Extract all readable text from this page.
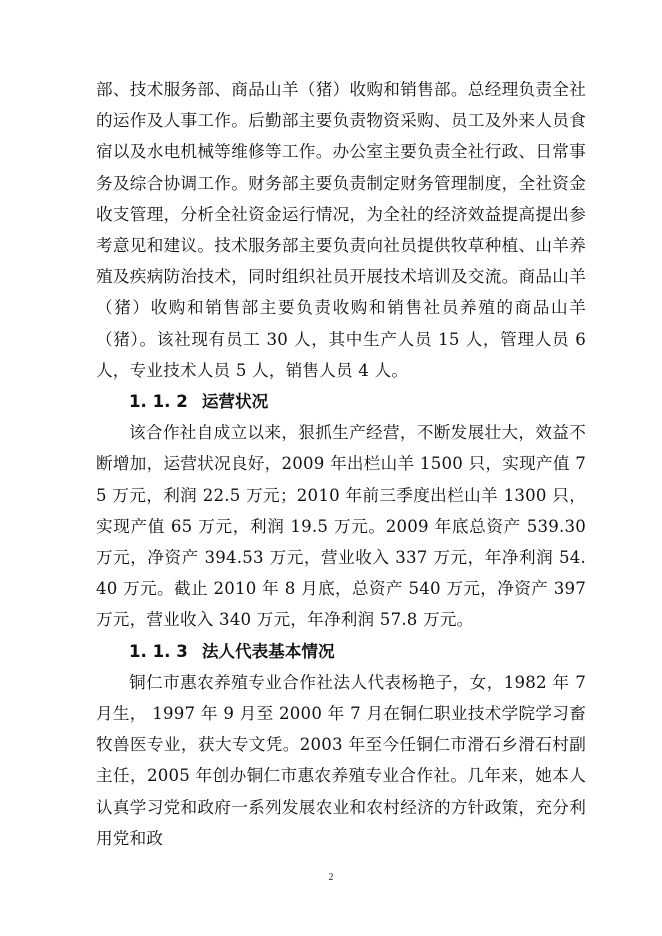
部、技术服务部、商品山羊（猪）收购和销售部。总经理负责全社的运作及人事工作。后勤部主要负责物资采购、员工及外来人员食宿以及水电机械等维修等工作。办公室主要负责全社行政、日常事务及综合协调工作。财务部主要负责制定财务管理制度，全社资金收支管理，分析全社资金运行情况，为全社的经济效益提高提出参考意见和建议。技术服务部主要负责向社员提供牧草种植、山羊养殖及疾病防治技术，同时组织社员开展技术培训及交流。商品山羊（猪）收购和销售部主要负责收购和销售社员养殖的商品山羊（猪）。该社现有员工 30 人，其中生产人员 15 人，管理人员 6 人，专业技术人员 5 人，销售人员 4 人。

1. 1. 2 运营状况

该合作社自成立以来，狠抓生产经营，不断发展壮大，效益不断增加，运营状况良好，2009 年出栏山羊 1500 只，实现产值 75 万元，利润 22.5 万元；2010 年前三季度出栏山羊 1300 只，实现产值 65 万元，利润 19.5 万元。2009 年底总资产 539.30 万元，净资产 394.53 万元，营业收入 337 万元，年净利润 54.40 万元。截止 2010 年 8 月底，总资产 540 万元，净资产 397 万元，营业收入 340 万元，年净利润 57.8 万元。

1. 1. 3 法人代表基本情况

铜仁市惠农养殖专业合作社法人代表杨艳子，女，1982 年 7 月生， 1997 年 9 月至 2000 年 7 月在铜仁职业技术学院学习畜牧兽医专业，获大专文凭。2003 年至今任铜仁市滑石乡滑石村副主任，2005 年创办铜仁市惠农养殖专业合作社。几年来，她本人认真学习党和政府一系列发展农业和农村经济的方针政策，充分利用党和政

2
